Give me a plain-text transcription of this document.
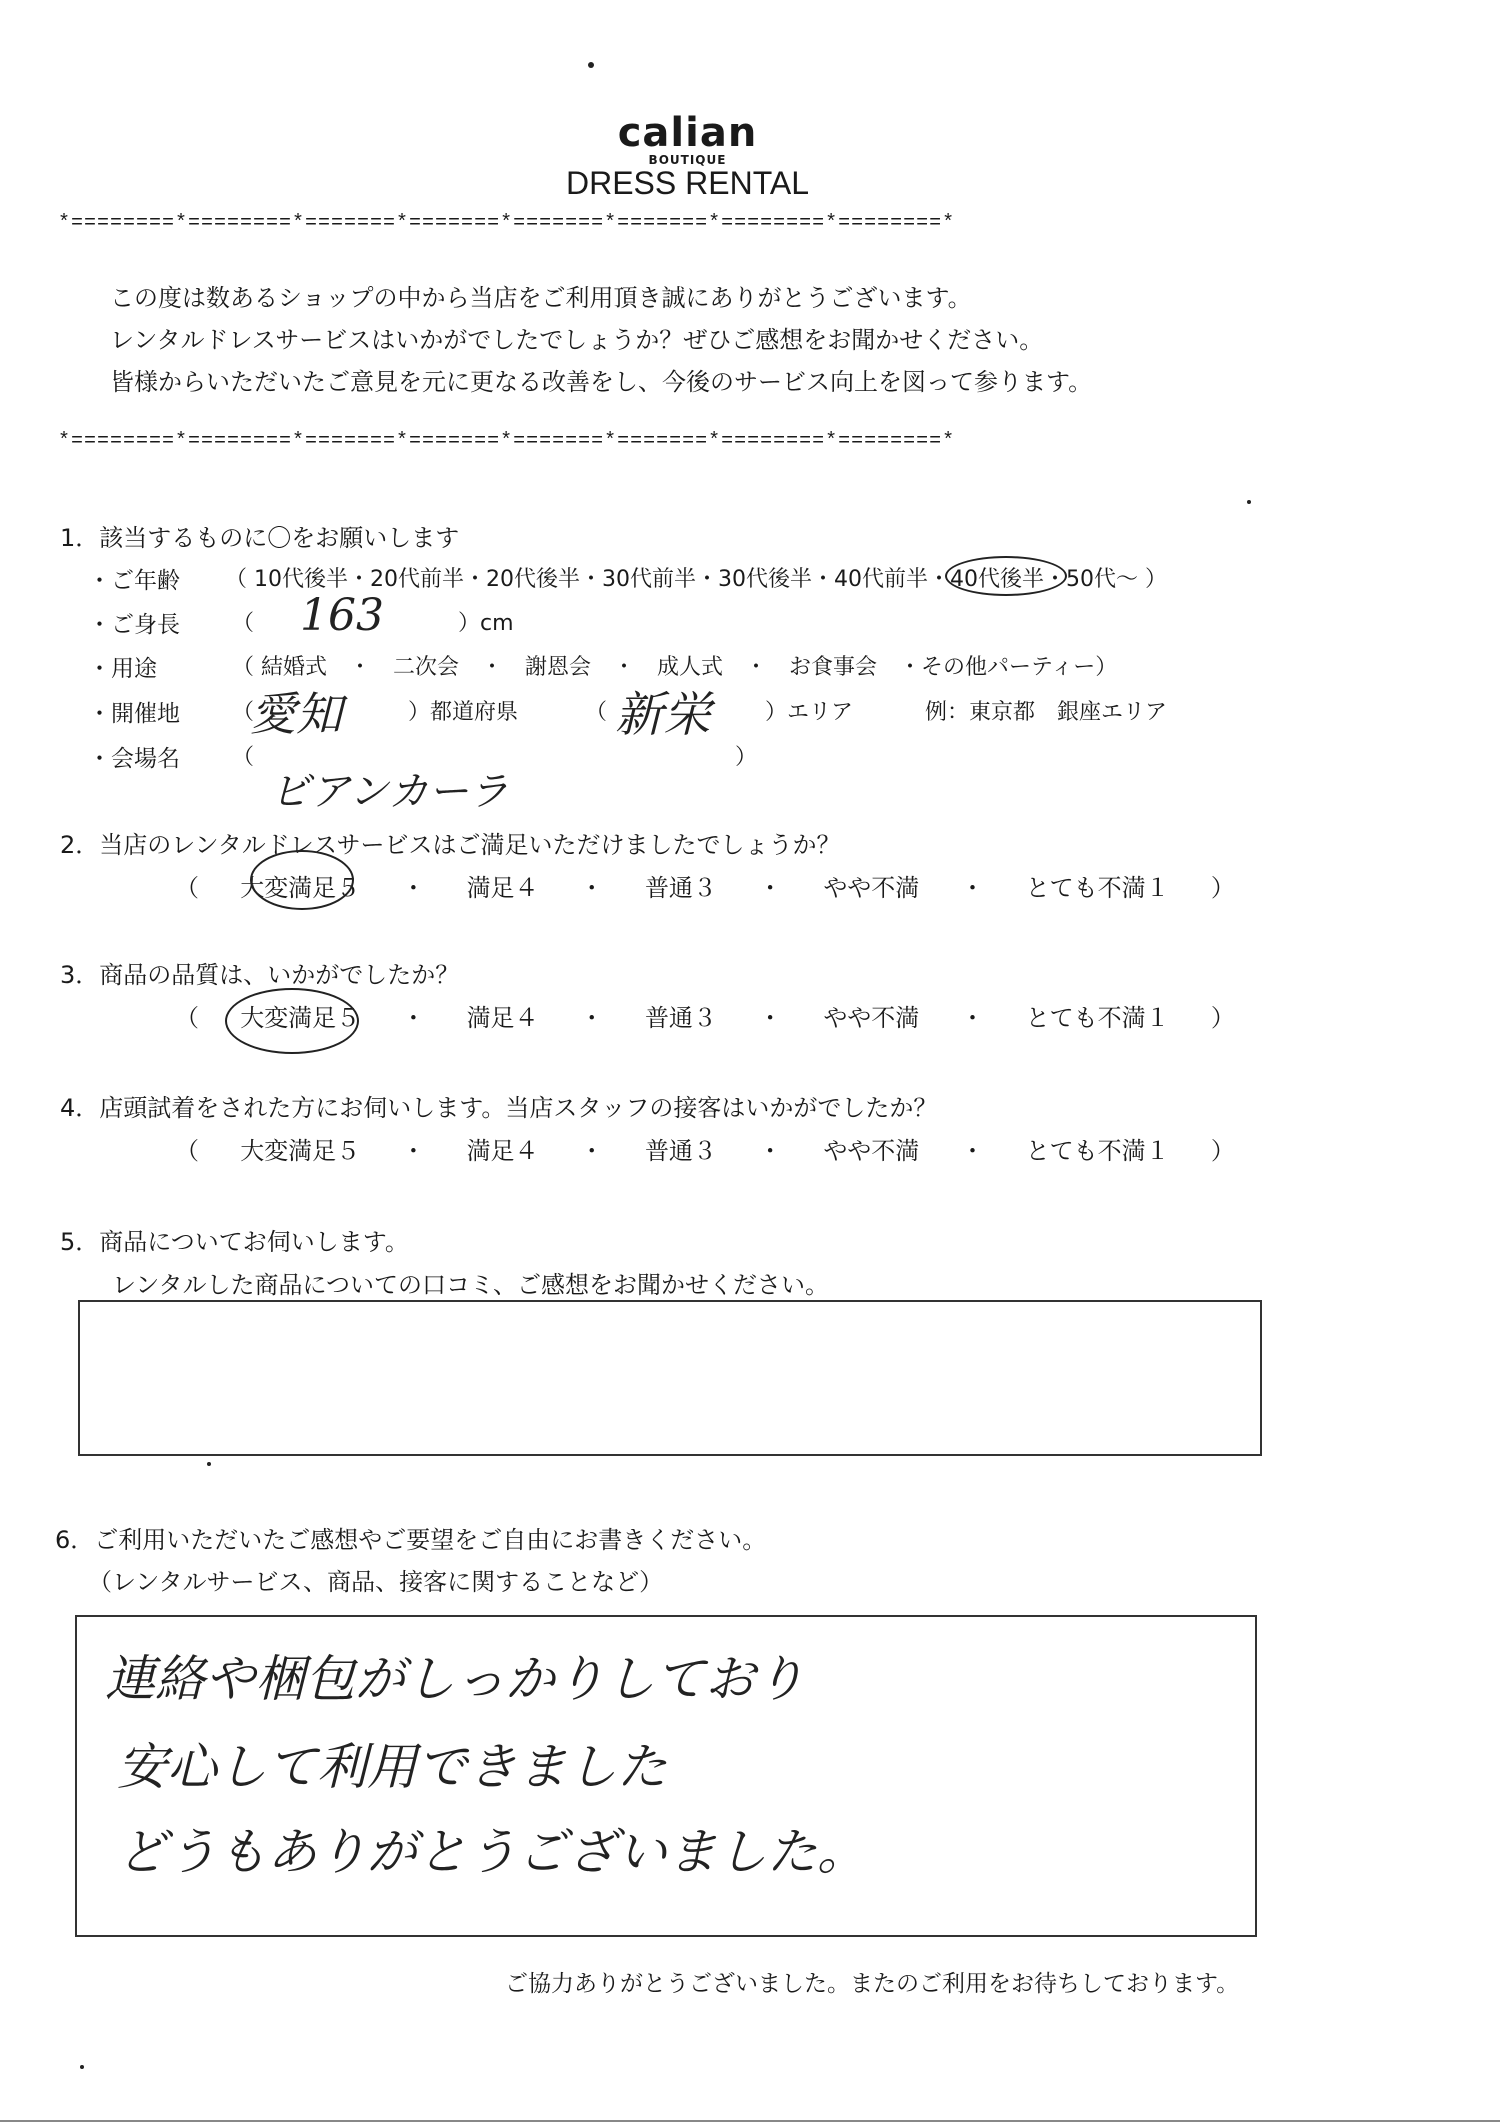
calian
BOUTIQUE
DRESS RENTAL
*========*========*=======*=======*=======*=======*========*========*
この度は数あるショップの中から当店をご利用頂き誠にありがとうございます。
レンタルドレスサービスはいかがでしたでしょうか？ぜひご感想をお聞かせください。
皆様からいただいたご意見を元に更なる改善をし、今後のサービス向上を図って参ります。
*========*========*=======*=======*=======*=======*========*========*
1．該当するものに〇をお願いします
・ご年齢 （ 10代後半・20代前半・20代後半・30代前半・30代後半・40代前半・40代後半・50代～ ）
・ご身長 （ 163	）cm
・用途	（ 結婚式　・　二次会　・　謝恩会　・　成人式　・　お食事会　・その他パーティー）
・開催地 （
愛知	）都道府県	（ 新栄 ）エリア	例：東京都　銀座エリア
・会場名 （
ビアンカーラ
）
2．当店のレンタルドレスサービスはご満足いただけましたでしょうか？
（ 大変満足５ ・ 満足４ ・ 普通３ ・ やや不満 ・ とても不満１ ）
3．商品の品質は、いかがでしたか？
（ 大変満足５ ・ 満足４ ・ 普通３ ・ やや不満 ・ とても不満１ ）
4．店頭試着をされた方にお伺いします。当店スタッフの接客はいかがでしたか？
（ 大変満足５ ・ 満足４ ・ 普通３ ・ やや不満 ・ とても不満１ ）
5．商品についてお伺いします。
レンタルした商品についての口コミ、ご感想をお聞かせください。
6．ご利用いただいたご感想やご要望をご自由にお書きください。
（レンタルサービス、商品、接客に関することなど）
連絡や梱包がしっかりしており
安心して利用できました
どうもありがとうございました。
ご協力ありがとうございました。またのご利用をお待ちしております。
